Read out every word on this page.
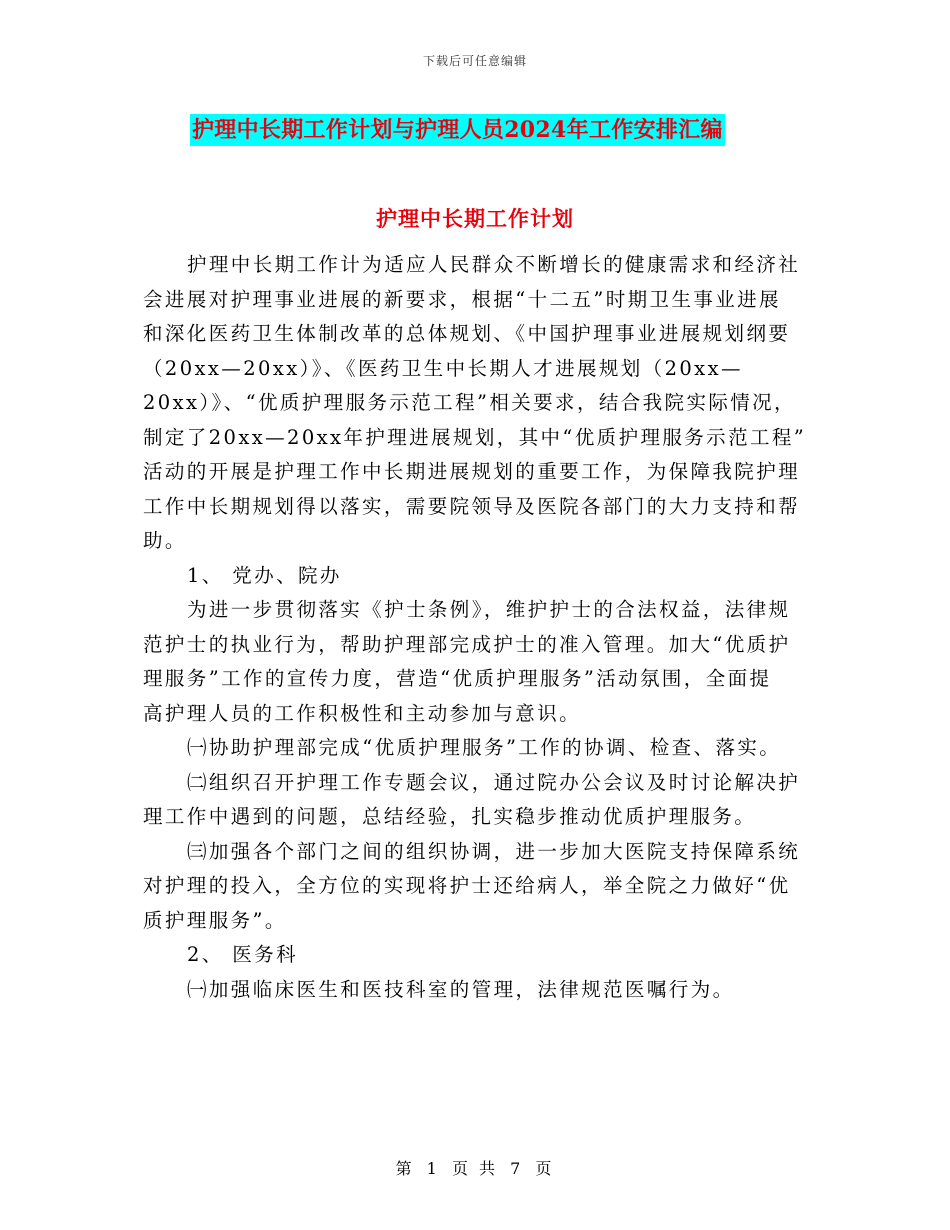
下载后可任意编辑
护理中长期工作计划与护理人员2024年工作安排汇编
护理中长期工作计划
护理中长期工作计为适应人民群众不断增长的健康需求和经济社
会进展对护理事业进展的新要求，根据“十二五”时期卫生事业进展
和深化医药卫生体制改革的总体规划、《中国护理事业进展规划纲要
（20xx—20xx）》、《医药卫生中长期人才进展规划（20xx—
20xx）》、“优质护理服务示范工程”相关要求，结合我院实际情况，
制定了20xx—20xx年护理进展规划，其中“优质护理服务示范工程”
活动的开展是护理工作中长期进展规划的重要工作，为保障我院护理
工作中长期规划得以落实，需要院领导及医院各部门的大力支持和帮
助。
1、 党办、院办
为进一步贯彻落实《护士条例》，维护护士的合法权益，法律规
范护士的执业行为，帮助护理部完成护士的准入管理。加大“优质护
理服务”工作的宣传力度，营造“优质护理服务”活动氛围，全面提
高护理人员的工作积极性和主动参加与意识。
㈠协助护理部完成“优质护理服务”工作的协调、检查、落实。
㈡组织召开护理工作专题会议，通过院办公会议及时讨论解决护
理工作中遇到的问题，总结经验，扎实稳步推动优质护理服务。
㈢加强各个部门之间的组织协调，进一步加大医院支持保障系统
对护理的投入，全方位的实现将护士还给病人，举全院之力做好“优
质护理服务”。
2、 医务科
㈠加强临床医生和医技科室的管理，法律规范医嘱行为。
第 1 页 共 7 页
